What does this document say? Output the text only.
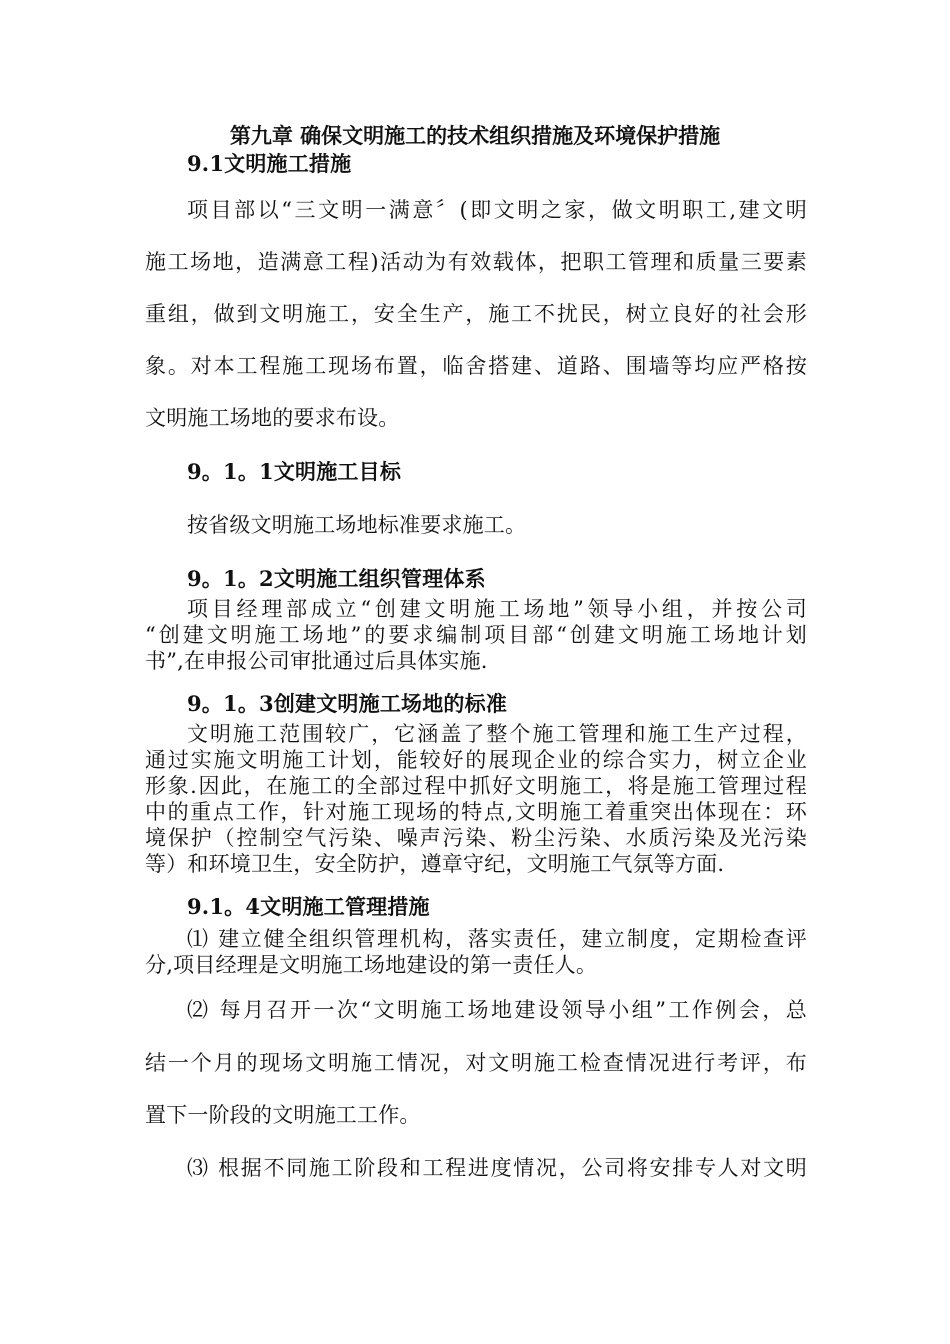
第九章 确保文明施工的技术组织措施及环境保护措施
9.1文明施工措施
项目部以“三文明一满意〞(即文明之家，做文明职工,建文明
施工场地，造满意工程)活动为有效载体，把职工管理和质量三要素
重组，做到文明施工，安全生产，施工不扰民，树立良好的社会形
象。对本工程施工现场布置，临舍搭建、道路、围墙等均应严格按
文明施工场地的要求布设。
9。1。1文明施工目标
按省级文明施工场地标准要求施工。
9。1。2文明施工组织管理体系
项目经理部成立“创建文明施工场地”领导小组，并按公司
“创建文明施工场地”的要求编制项目部“创建文明施工场地计划
书”,在申报公司审批通过后具体实施.
9。1。3创建文明施工场地的标准
文明施工范围较广，它涵盖了整个施工管理和施工生产过程，
通过实施文明施工计划，能较好的展现企业的综合实力，树立企业
形象.因此，在施工的全部过程中抓好文明施工，将是施工管理过程
中的重点工作，针对施工现场的特点,文明施工着重突出体现在：环
境保护（控制空气污染、噪声污染、粉尘污染、水质污染及光污染
等）和环境卫生，安全防护，遵章守纪，文明施工气氛等方面.
9.1。4文明施工管理措施
⑴ 建立健全组织管理机构，落实责任，建立制度，定期检查评
分,项目经理是文明施工场地建设的第一责任人。
⑵ 每月召开一次“文明施工场地建设领导小组”工作例会，总
结一个月的现场文明施工情况，对文明施工检查情况进行考评，布
置下一阶段的文明施工工作。
⑶ 根据不同施工阶段和工程进度情况，公司将安排专人对文明
